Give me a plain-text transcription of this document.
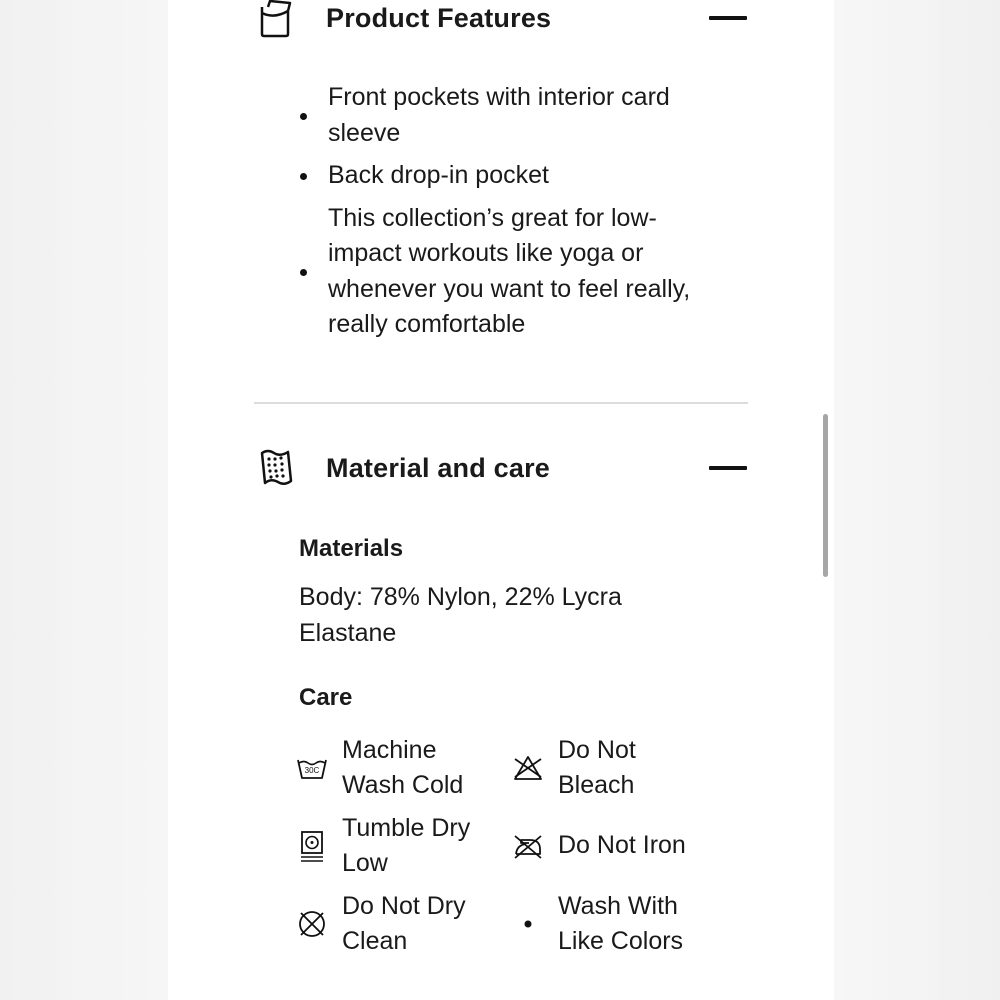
Product Features
Front pockets with interior card sleeve
Back drop-in pocket
This collection’s great for low-impact workouts like yoga or whenever you want to feel really, really comfortable
Material and care
Materials
Body: 78% Nylon, 22% Lycra Elastane
Care
30C
Machine Wash Cold
Do Not Bleach
Tumble Dry Low
Do Not Iron
Do Not Dry Clean
Wash With Like Colors
